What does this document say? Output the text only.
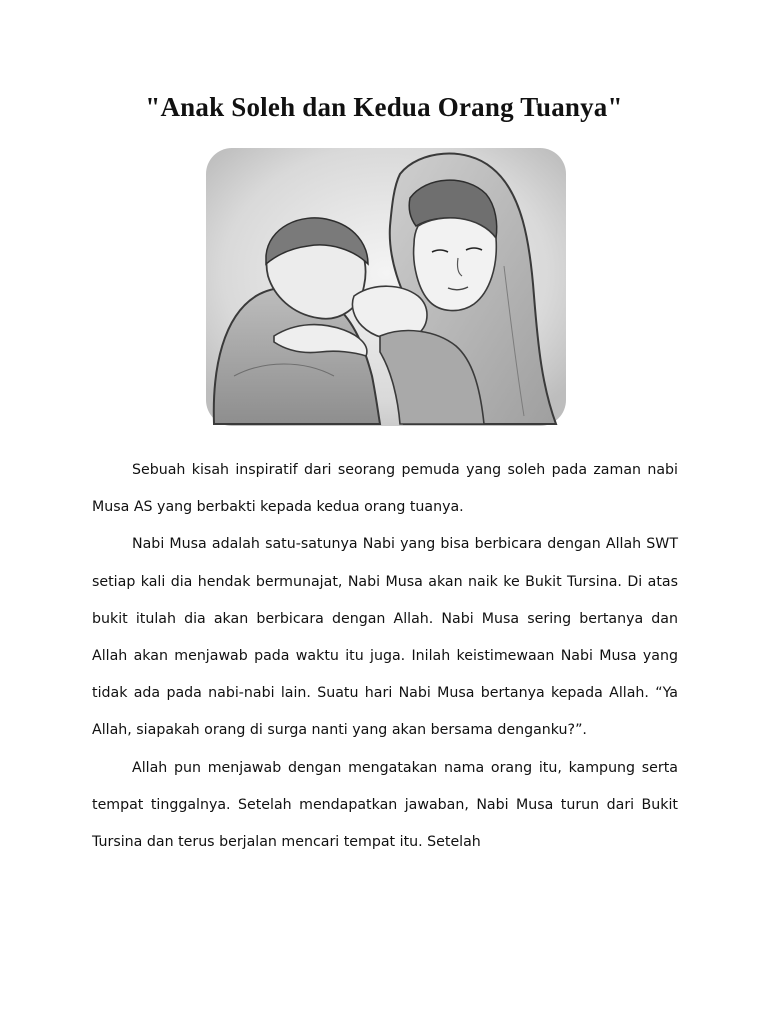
"Anak Soleh dan Kedua Orang Tuanya"

Sebuah kisah inspiratif dari seorang pemuda yang soleh pada zaman nabi Musa AS yang berbakti kepada kedua orang tuanya.

Nabi Musa adalah satu-satunya Nabi yang bisa berbicara dengan Allah SWT setiap kali dia hendak bermunajat, Nabi Musa akan naik ke Bukit Tursina. Di atas bukit itulah dia akan berbicara dengan Allah. Nabi Musa sering bertanya dan Allah akan menjawab pada waktu itu juga. Inilah keistimewaan Nabi Musa yang tidak ada pada nabi-nabi lain. Suatu hari Nabi Musa bertanya kepada Allah. “Ya Allah, siapakah orang di surga nanti yang akan bersama denganku?”.

Allah pun menjawab dengan mengatakan nama orang itu, kampung serta tempat tinggalnya. Setelah mendapatkan jawaban, Nabi Musa turun dari Bukit Tursina dan terus berjalan mencari tempat itu. Setelah
